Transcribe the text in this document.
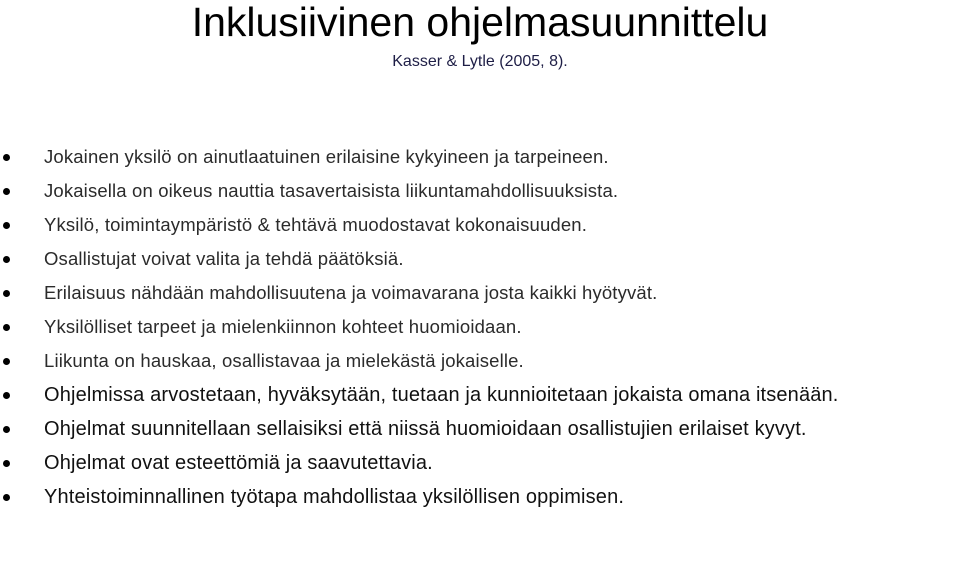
Inklusiivinen ohjelmasuunnittelu
Kasser & Lytle (2005, 8).
Jokainen yksilö on ainutlaatuinen erilaisine kykyineen ja tarpeineen.
Jokaisella on oikeus nauttia tasavertaisista liikuntamahdollisuuksista.
Yksilö, toimintaympäristö & tehtävä muodostavat kokonaisuuden.
Osallistujat voivat valita ja tehdä päätöksiä.
Erilaisuus nähdään mahdollisuutena ja voimavarana josta kaikki hyötyvät.
Yksilölliset tarpeet ja mielenkiinnon kohteet huomioidaan.
Liikunta on hauskaa, osallistavaa ja mielekästä jokaiselle.
Ohjelmissa arvostetaan, hyväksytään, tuetaan ja kunnioitetaan jokaista omana itsenään.
Ohjelmat suunnitellaan sellaisiksi että niissä huomioidaan osallistujien erilaiset kyvyt.
Ohjelmat ovat esteettömiä ja saavutettavia.
Yhteistoiminnallinen työtapa mahdollistaa yksilöllisen oppimisen.
